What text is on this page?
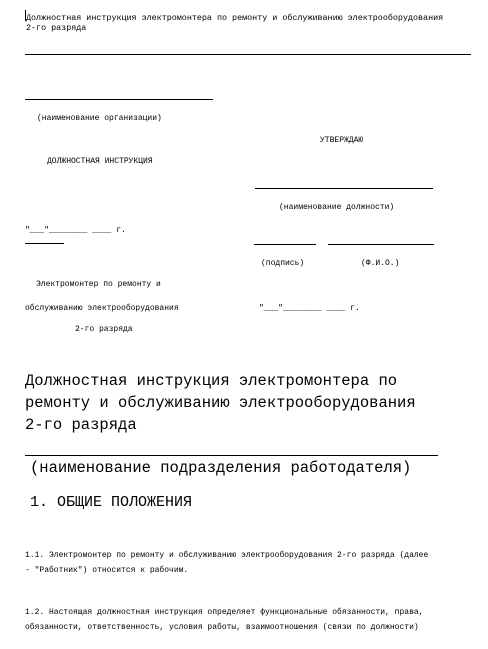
Должностная инструкция электромонтера по ремонту и обслуживанию электрооборудования
2-го разряда
(наименование организации)
УТВЕРЖДАЮ
ДОЛЖНОСТНАЯ ИНСТРУКЦИЯ
(наименование должности)
"___"________ ____ г.
(подпись)	(Ф.И.О.)
Электромонтер по ремонту и
обслуживанию электрооборудования	"___"________ ____ г.
2-го разряда
Должностная инструкция электромонтера по
ремонту и обслуживанию электрооборудования
2-го разряда
(наименование подразделения работодателя)
1. ОБЩИЕ ПОЛОЖЕНИЯ
1.1. Электромонтер по ремонту и обслуживанию электрооборудования 2-го разряда (далее
- "Работник") относится к рабочим.
1.2. Настоящая должностная инструкция определяет функциональные обязанности, права,
обязанности, ответственность, условия работы, взаимоотношения (связи по должности)
